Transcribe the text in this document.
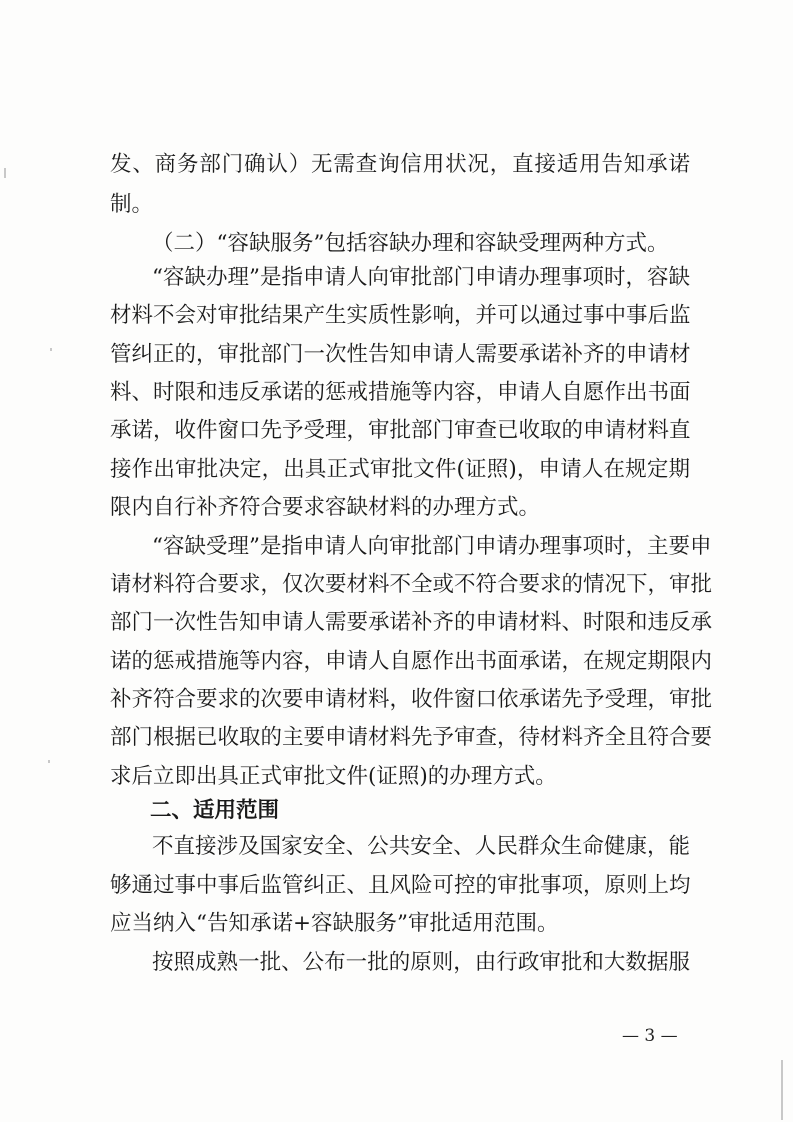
发、商务部门确认）无需查询信用状况，直接适用告知承诺
制。
（二）“容缺服务”包括容缺办理和容缺受理两种方式。
“容缺办理”是指申请人向审批部门申请办理事项时，容缺
材料不会对审批结果产生实质性影响，并可以通过事中事后监
管纠正的，审批部门一次性告知申请人需要承诺补齐的申请材
料、时限和违反承诺的惩戒措施等内容，申请人自愿作出书面
承诺，收件窗口先予受理，审批部门审查已收取的申请材料直
接作出审批决定，出具正式审批文件(证照)，申请人在规定期
限内自行补齐符合要求容缺材料的办理方式。
“容缺受理”是指申请人向审批部门申请办理事项时，主要申
请材料符合要求，仅次要材料不全或不符合要求的情况下，审批
部门一次性告知申请人需要承诺补齐的申请材料、时限和违反承
诺的惩戒措施等内容，申请人自愿作出书面承诺，在规定期限内
补齐符合要求的次要申请材料，收件窗口依承诺先予受理，审批
部门根据已收取的主要申请材料先予审查，待材料齐全且符合要
求后立即出具正式审批文件(证照)的办理方式。
二、适用范围
不直接涉及国家安全、公共安全、人民群众生命健康，能
够通过事中事后监管纠正、且风险可控的审批事项，原则上均
应当纳入“告知承诺+容缺服务”审批适用范围。
按照成熟一批、公布一批的原则，由行政审批和大数据服
— 3 —
